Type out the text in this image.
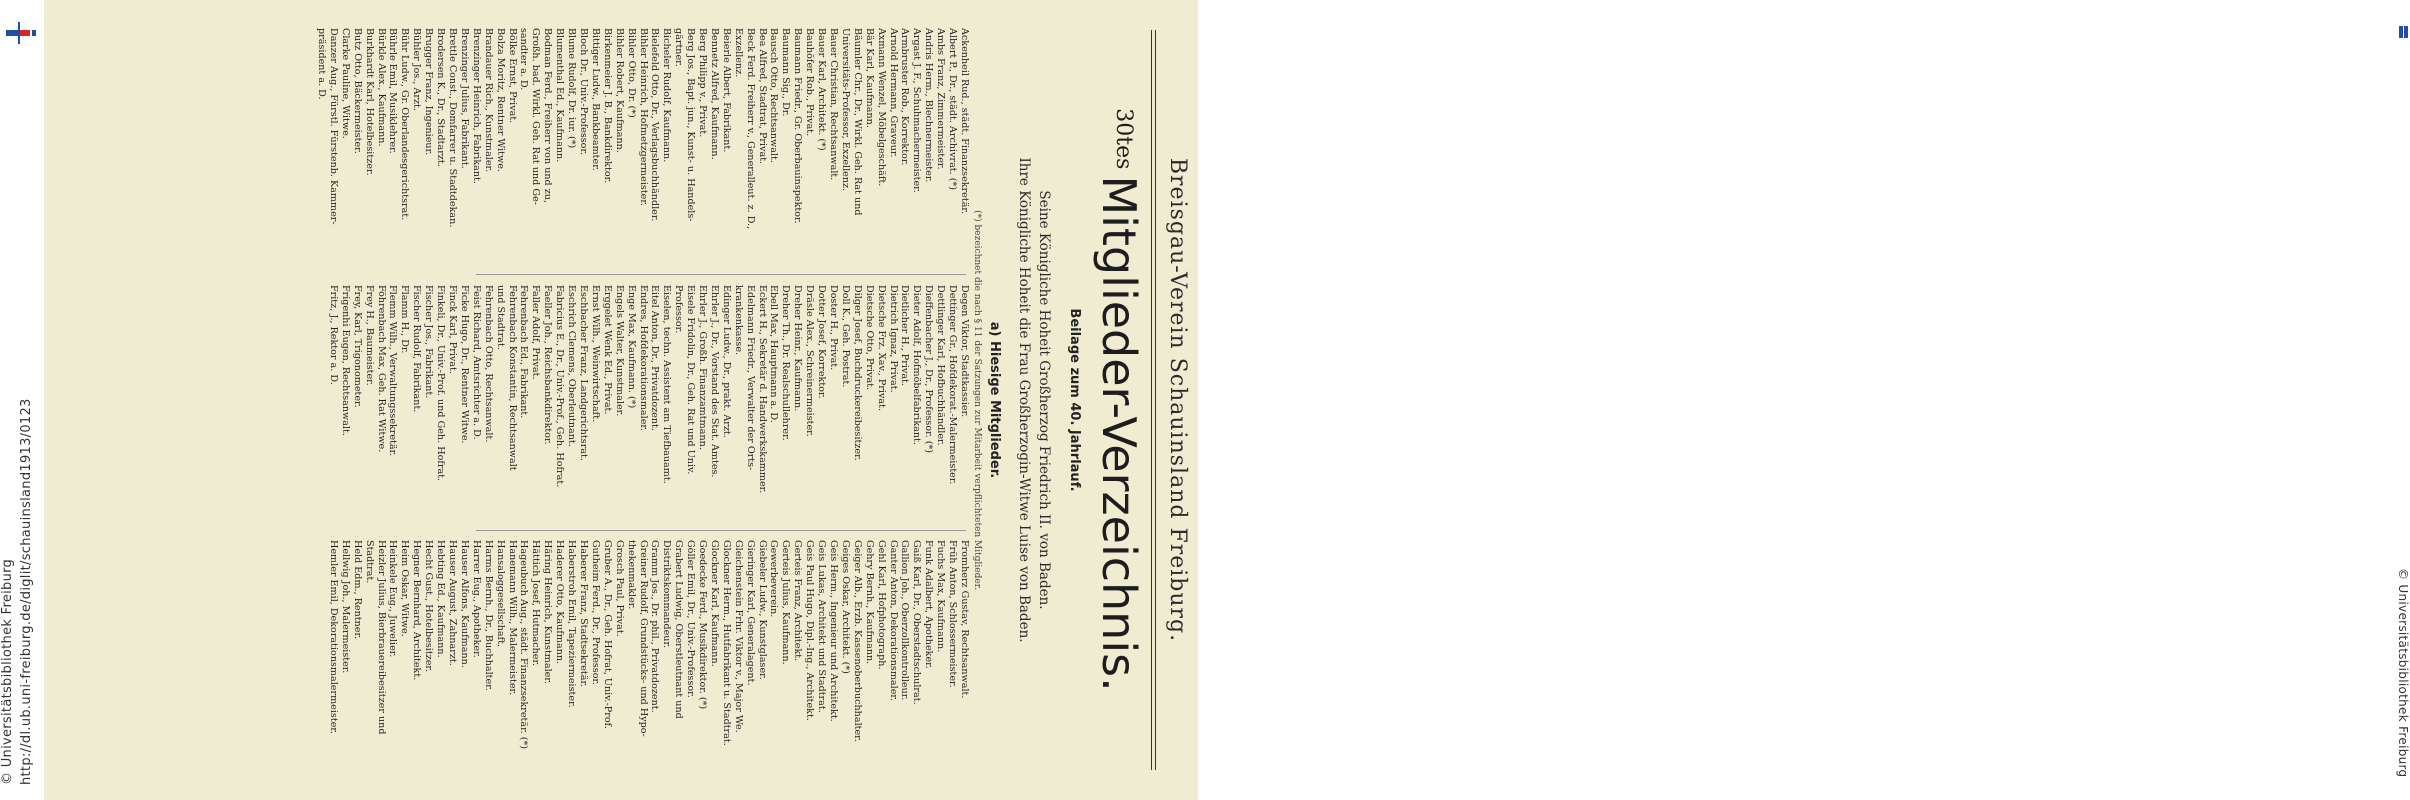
© Universitätsbibliothek Freiburg http://dl.ub.uni-freiburg.de/diglit/schauinsland1913/0123	© Universitätsbibliothek Freiburg
Breisgau-Verein Schauinsland Freiburg.
$^{30tes}$Mitglieder-Verzeichnis.
Beilage zum 40. Jahrlauf.
Seine Königliche Hoheit Großherzog Friedrich II. von Baden.
Ihre Königliche Hoheit die Frau Großherzogin-Witwe Luise von Baden.
a) Hiesige Mitglieder.
(*) bezeichnet die nach § 11 der Satzungen zur Mitarbeit verpflichteten Mitglieder.
Ackenheil Rud., städt. Finanzsekretär.
Albert P., Dr., städt. Archivrat. (*)
Ambs Franz, Zimmermeister.
Andris Herm., Blechnermeister.
Argast J. F., Schuhmachermeister.
Armbruster Rob., Korrektor.
Arnold Hermann, Graveur.
Axmann Wenzel, Möbelgeschäft.
Bär Karl, Kaufmann.
Bäumler Chr., Dr., Wirkl. Geh. Rat und
Universitäts-Professor, Exzellenz.
Bauer Christian, Rechtsanwalt.
Bauer Karl, Architekt. (*)
Bauhöfer Rob., Privat.
Baumann Friedr., Gr. Oberbauinspektor.
Baumann Sig., Dr.
Bausch Otto, Rechtsanwalt.
Bea Alfred, Stadtrat, Privat.
Beck Ferd. Freiherr v., Generalleut. z. D.,
Exzellenz.
Beierle Albert, Fabrikant.
Bennetz Alfred, Kaufmann.
Berg Philipp v., Privat.
Berg Jos., Bapt. jun., Kunst- u. Handels-
gärtner.
Bicheler Rudolf, Kaufmann.
Bielefeld Otto, Dr., Verlagsbuchhändler.
Bihler Heinrich, Hofmetzgermeister.
Bihler Otto, Dr. (*)
Bihler Robert, Kaufmann.
Birkenmeier J. B., Bankdirektor.
Bittiger Ludw., Bankbeamter.
Bloch Dr., Univ.-Professor.
Blume Rudolf, Dr. iur. (*)
Blumenthal Ed., Kaufmann.
Bodman Ferd., Freiherr von und zu,
Großh. bad. Wirkl. Geh. Rat und Ge-
sandter a. D.
Bölke Ernst, Privat.
Bolza Moritz, Rentner Witwe.
Brandauer Rich., Kunstmaler.
Brenzinger Heinrich, Fabrikant.
Brenzinger Julius, Fabrikant.
Brettle Const., Domfarrer u. Stadtdekan.
Brodersen K., Dr., Stadtarzt.
Brugger Franz, Ingenieur.
Bühler Jos., Arzt.
Bühr Ludw., Gr. Oberlandesgerichtsrat.
Bührle Emil, Musiklehrer.
Bürkle Alex., Kaufmann.
Burkhardt Karl, Hotelbesitzer.
Butz Otto, Bäckermeister.
Clarke Pauline, Witwe.
Danzer Aug., Fürstl. Fürstenb. Kammer-
präsident a. D.
Degen Viktor, Stadtkassier.
Dettinger Gr., Hofdekorat.-Malermeister.
Dettlinger Karl, Hofbuchhändler.
Dieffenbacher J., Dr., Professor. (*)
Dieter Adolf, Hofmöbelfabrikant.
Dietlicher H., Privat.
Dietrich Ignaz, Privat.
Dietsche Frz. Xav., Privat.
Dietsche Otto, Privat.
Dilger Josef, Buchdruckereibesitzer.
Doll K., Geh. Postrat.
Doster H., Privat.
Dotter Josef, Korrektor.
Dräsle Alex., Schreinermeister.
Dreher Heinr., Kaufmann.
Dreher Th., Dr. Realschullehrer.
Ebell Max, Hauptmann a. D.
Eckert H., Sekretär d. Handwerkskammer.
Edelmann Friedr., Verwalter der Orts-
krankenkasse.
Edinger Ludw., Dr., prakt. Arzt.
Ehrler J., Dr., Vorstand des Stat. Amtes.
Ehrler J., Großh. Finanzamtmann.
Eisele Fridolin, Dr., Geh. Rat und Univ.
Professor.
Eiselen, techn. Assistent am Tiefbauamt.
Eitel Anton, Dr., Privatdozent.
Endres, Hofdekorationsmaler.
Enge Max, Kaufmann. (*)
Engels Walter, Kunstmaler.
Erggelet Wenk Ed., Privat.
Ernst Wilh., Weinwirtschaft.
Eschbacher Franz, Landgerichtsrat.
Eschrich Clemens, Oberleutnant.
Fabricius E., Dr., Univ.-Prof., Geh. Hofrat.
Faeller Joh., Reichsbankdirektor.
Faller Adolf, Privat.
Fehrenbach Ed., Fabrikant.
Fehrenbach Konstantin, Rechtsanwalt
und Stadtrat.
Fehrenbach Otto, Rechtsanwalt.
Feist Richard, Amtsrichter a. D.
Ficke Hugo, Dr., Rentner Witwe.
Finck Karl, Privat.
Finkeli, Dr., Univ.-Prof. und Geh. Hofrat.
Fischer Jos., Fabrikant.
Fischer Rudolf, Fabrikant.
Flamm H., Dr.
Flemm Wilh., Verwaltungssekretär.
Föhrenbach Max, Geh. Rat Witwe.
Frey H., Baumeister.
Frey, Karl, Trigonometer.
Frigenhi Eugen, Rechtsanwalt.
Fritz, J., Rektor a. D.
Fromherz Gustav, Rechtsanwalt.
Früh Anton, Schlossermeister.
Fuchs Max, Kaufmann.
Funk Adalbert, Apotheker.
Gaiß Karl, Dr., Oberstadtschulrat.
Gallion Joh., Oberzollkontrolleur.
Ganter Anton, Dekorationsmaler.
Gehl Karl, Hofphotograph.
Gehry Bernh., Kaufmann.
Geiger Alb., Erzb. Kassenoberbuchhalter.
Geiges Oskar, Architekt. (*)
Geis Herm., Ingenieur und Architekt.
Geis Lukas, Architekt und Stadtrat.
Geis Paul Hugo, Dipl.-Ing., Architekt.
Gerteis Franz, Architekt.
Gerteis Julius, Kaufmann.
Gewerbeverein.
Giebeler Ludw., Kunstglaser.
Gieringer Karl, Generalagent.
Gleichenstein Frhr. Viktor v., Major We.
Glockner Herm., Hutfabrikant u. Stadtrat.
Glockner Karl, Kaufmann.
Goedecke Ferd., Musikdirektor. (*)
Göller Emil, Dr., Univ.-Professor.
Grabert Ludwig, Oberstleutnant und
Distriktskommandeur.
Gramm Jos., Dr. phil., Privatdozent.
Greiner Rudolf, Grundstücks- und Hypo-
thekenmakler.
Grosch Paul, Privat.
Gruber A., Dr., Geh. Hofrat, Univ.-Prof.
Gutheim Ferd., Dr., Professor.
Haberer Franz, Stadtsekretär.
Haberstroh Emil, Tapeziermeister.
Haderer Otto, Kaufmann.
Häring Heinrich, Kunstmaler.
Hättich Josef, Hutmacher.
Hageubuch Aug., städt. Finanzsekretär. (*)
Hanemann Wilh., Malermeister.
Hansaloggesellschaft.
Harms Bernh., Dr., Buchhalter.
Harrer Eug., Apotheker.
Hauser Alfons, Kaufmann.
Hauser August, Zahnarzt.
Hebting Ed., Kaufmann.
Hecht Gust., Hotelbesitzer.
Hegner Bernhard, Architekt.
Heim Oskar, Witwe.
Heinkele Eug., Juwelier.
Heizler Julius, Bierbrauereibesitzer und
Stadtrat.
Held Edm., Rentner.
Hellwig Joh., Malermeister.
Hemler Emil, Dekorationsmalermeister.
